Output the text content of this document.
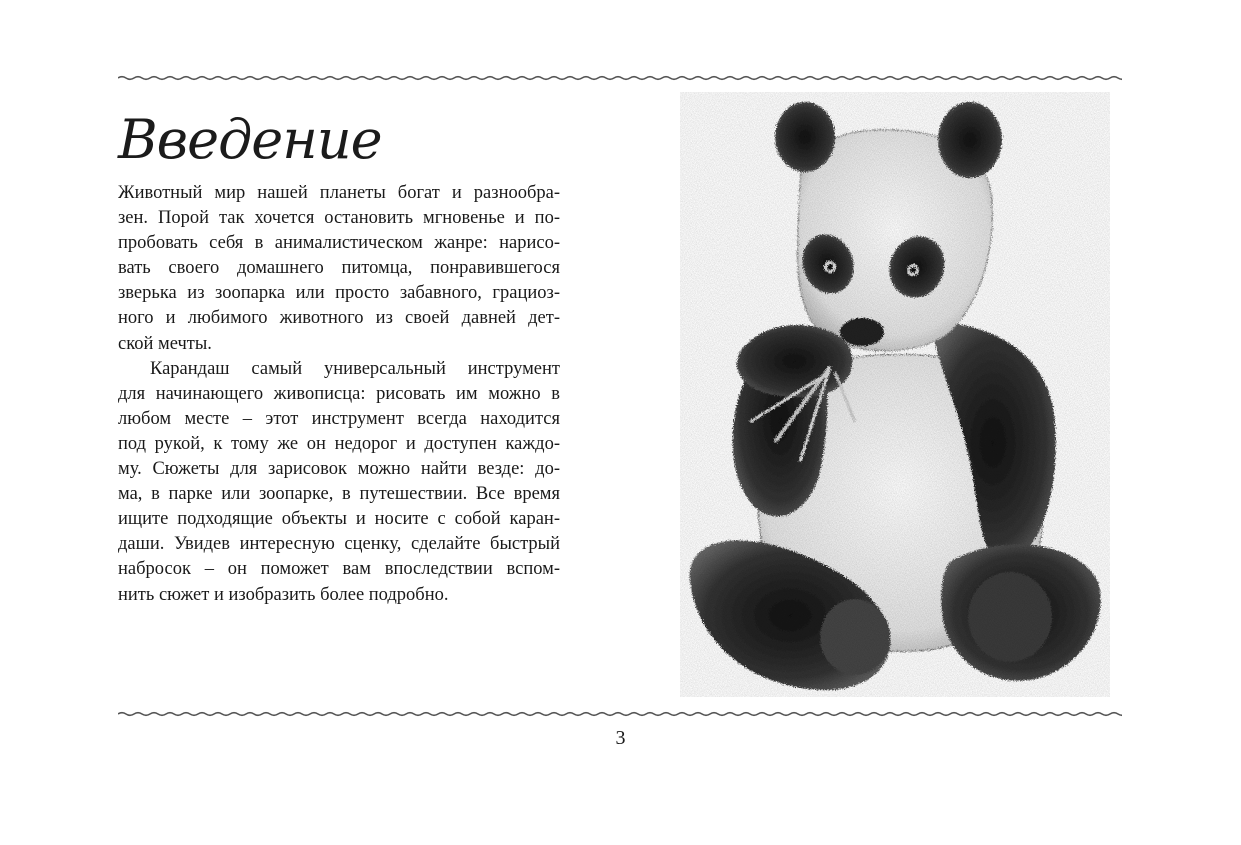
Введение

Животный мир нашей планеты богат и разнообра-
зен. Порой так хочется остановить мгновенье и по-
пробовать себя в анималистическом жанре: нарисо-
вать своего домашнего питомца, понравившегося
зверька из зоопарка или просто забавного, грациоз-
ного и любимого животного из своей давней дет-
ской мечты.

Карандаш самый универсальный инструмент
для начинающего живописца: рисовать им можно в
любом месте – этот инструмент всегда находится
под рукой, к тому же он недорог и доступен каждо-
му. Сюжеты для зарисовок можно найти везде: до-
ма, в парке или зоопарке, в путешествии. Все время
ищите подходящие объекты и носите с собой каран-
даши. Увидев интересную сценку, сделайте быстрый
набросок – он поможет вам впоследствии вспом-
нить сюжет и изобразить более подробно.

3
